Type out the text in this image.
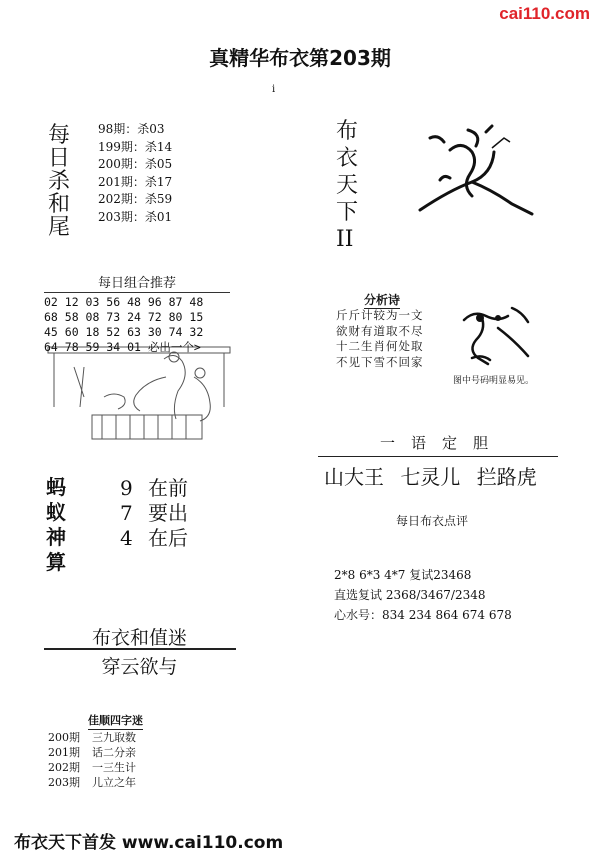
cai110.com
真精华布衣第203期
i
每
日
杀
和
尾
98期：杀03
199期：杀14
200期：杀05
201期：杀17
202期：杀59
203期：杀01
每日组合推荐
02 12 03 56 48 96 87 48
68 58 08 73 24 72 80 15
45 60 18 52 63 30 74 32
64 78 59 34 01 必出一个>
蚂
蚁
神
算
9 在前
7 要出
4 在后
布衣和值迷
穿云欲与
佳顺四字迷
200期 三九取数
201期 话二分亲
202期 一三生计
203期 儿立之年
布
衣
天
下
II
分析诗
斤斤计较为一文
欲财有道取不尽
十二生肖何处取
不见下雪不回家
图中号码明显易见。
一语定胆
山大王 七灵儿 拦路虎
每日布衣点评
2*8 6*3 4*7 复试23468
直选复试 2368/3467/2348
心水号：834 234 864 674 678
布衣天下首发 www.cai110.com
